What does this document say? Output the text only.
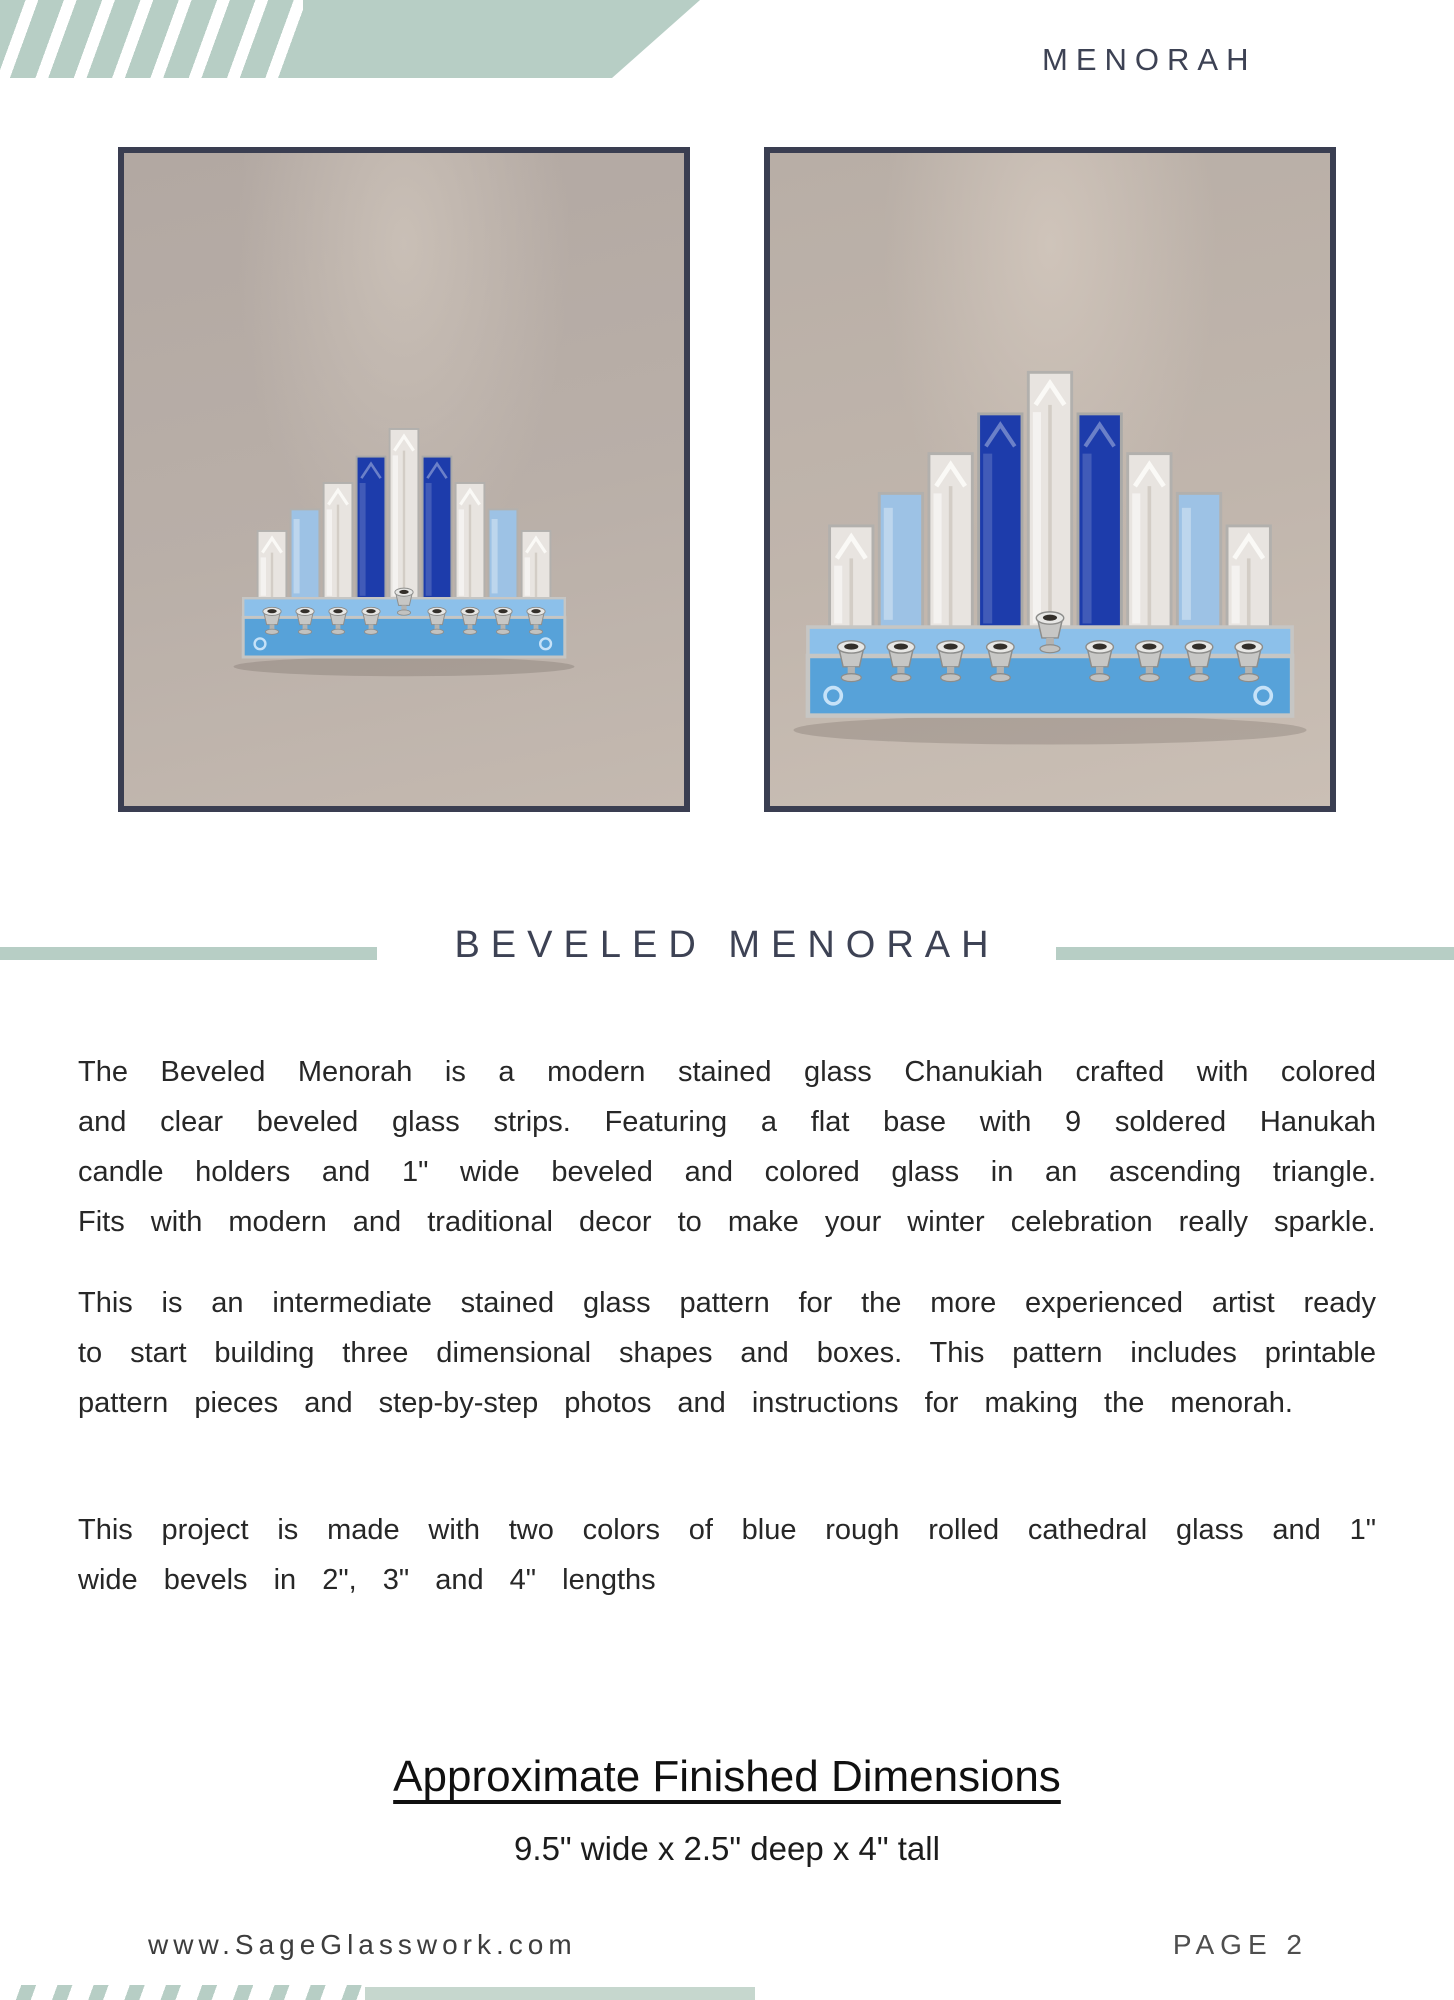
MENORAH
BEVELED MENORAH

The Beveled Menorah is a modern stained glass Chanukiah crafted with colored and clear beveled glass strips. Featuring a flat base with 9 soldered Hanukah candle holders and 1" wide beveled and colored glass in an ascending triangle. Fits with modern and traditional decor to make your winter celebration really sparkle.

This is an intermediate stained glass pattern for the more experienced artist ready to start building three dimensional shapes and boxes. This pattern includes printable pattern pieces and step-by-step photos and instructions for making the menorah.

This project is made with two colors of blue rough rolled cathedral glass and 1" wide bevels in 2", 3" and 4" lengths

Approximate Finished Dimensions
9.5" wide x 2.5" deep x 4" tall
www.SageGlasswork.com	PAGE 2
